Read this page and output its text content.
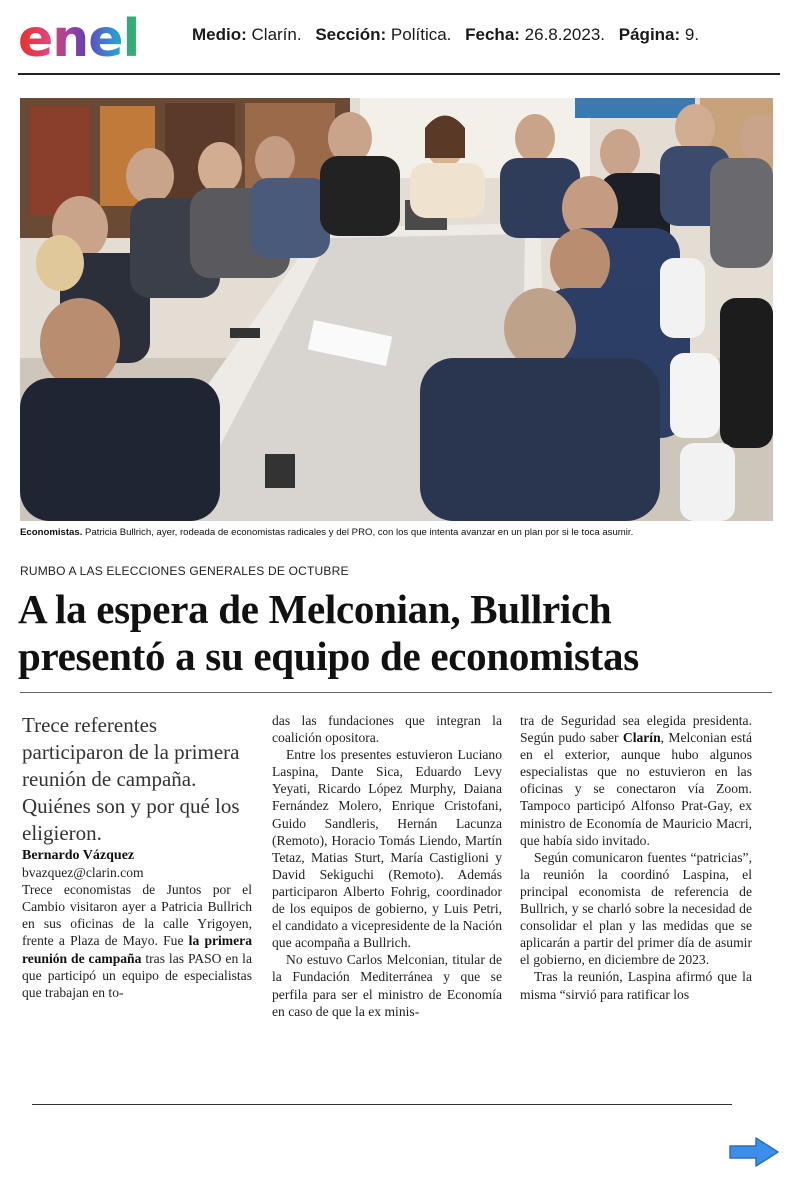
enel	Medio: Clarín. Sección: Política. Fecha: 26.8.2023. Página: 9.
Economistas. Patricia Bullrich, ayer, rodeada de economistas radicales y del PRO, con los que intenta avanzar en un plan por si le toca asumir.
RUMBO A LAS ELECCIONES GENERALES DE OCTUBRE
A la espera de Melconian, Bullrich
presentó a su equipo de economistas

Trece referentes participaron de la primera reunión de campaña. Quiénes son y por qué los eligieron.

Bernardo Vázquez

bvazquez@clarin.com

Trece economistas de Juntos por el Cambio visitaron ayer a Patricia Bullrich en sus oficinas de la calle Yrigoyen, frente a Plaza de Mayo. Fue la primera reunión de campaña tras las PASO en la que participó un equipo de especialistas que trabajan en to-

das las fundaciones que integran la coalición opositora.

Entre los presentes estuvieron Luciano Laspina, Dante Sica, Eduardo Levy Yeyati, Ricardo López Murphy, Daiana Fernández Molero, Enrique Cristofani, Guido Sandleris, Hernán Lacunza (Remoto), Horacio Tomás Liendo, Martín Tetaz, Matias Sturt, María Castiglioni y David Sekiguchi (Remoto). Además participaron Alberto Fohrig, coordinador de los equipos de gobierno, y Luis Petri, el candidato a vicepresidente de la Nación que acompaña a Bullrich.

No estuvo Carlos Melconian, titular de la Fundación Mediterránea y que se perfila para ser el ministro de Economía en caso de que la ex minis-

tra de Seguridad sea elegida presidenta. Según pudo saber Clarín, Melconian está en el exterior, aunque hubo algunos especialistas que no estuvieron en las oficinas y se conectaron vía Zoom. Tampoco participó Alfonso Prat-Gay, ex ministro de Economía de Mauricio Macri, que había sido invitado.

Según comunicaron fuentes “patricias”, la reunión la coordinó Laspina, el principal economista de referencia de Bullrich, y se charló sobre la necesidad de consolidar el plan y las medidas que se aplicarán a partir del primer día de asumir el gobierno, en diciembre de 2023.

Tras la reunión, Laspina afirmó que la misma “sirvió para ratificar los
